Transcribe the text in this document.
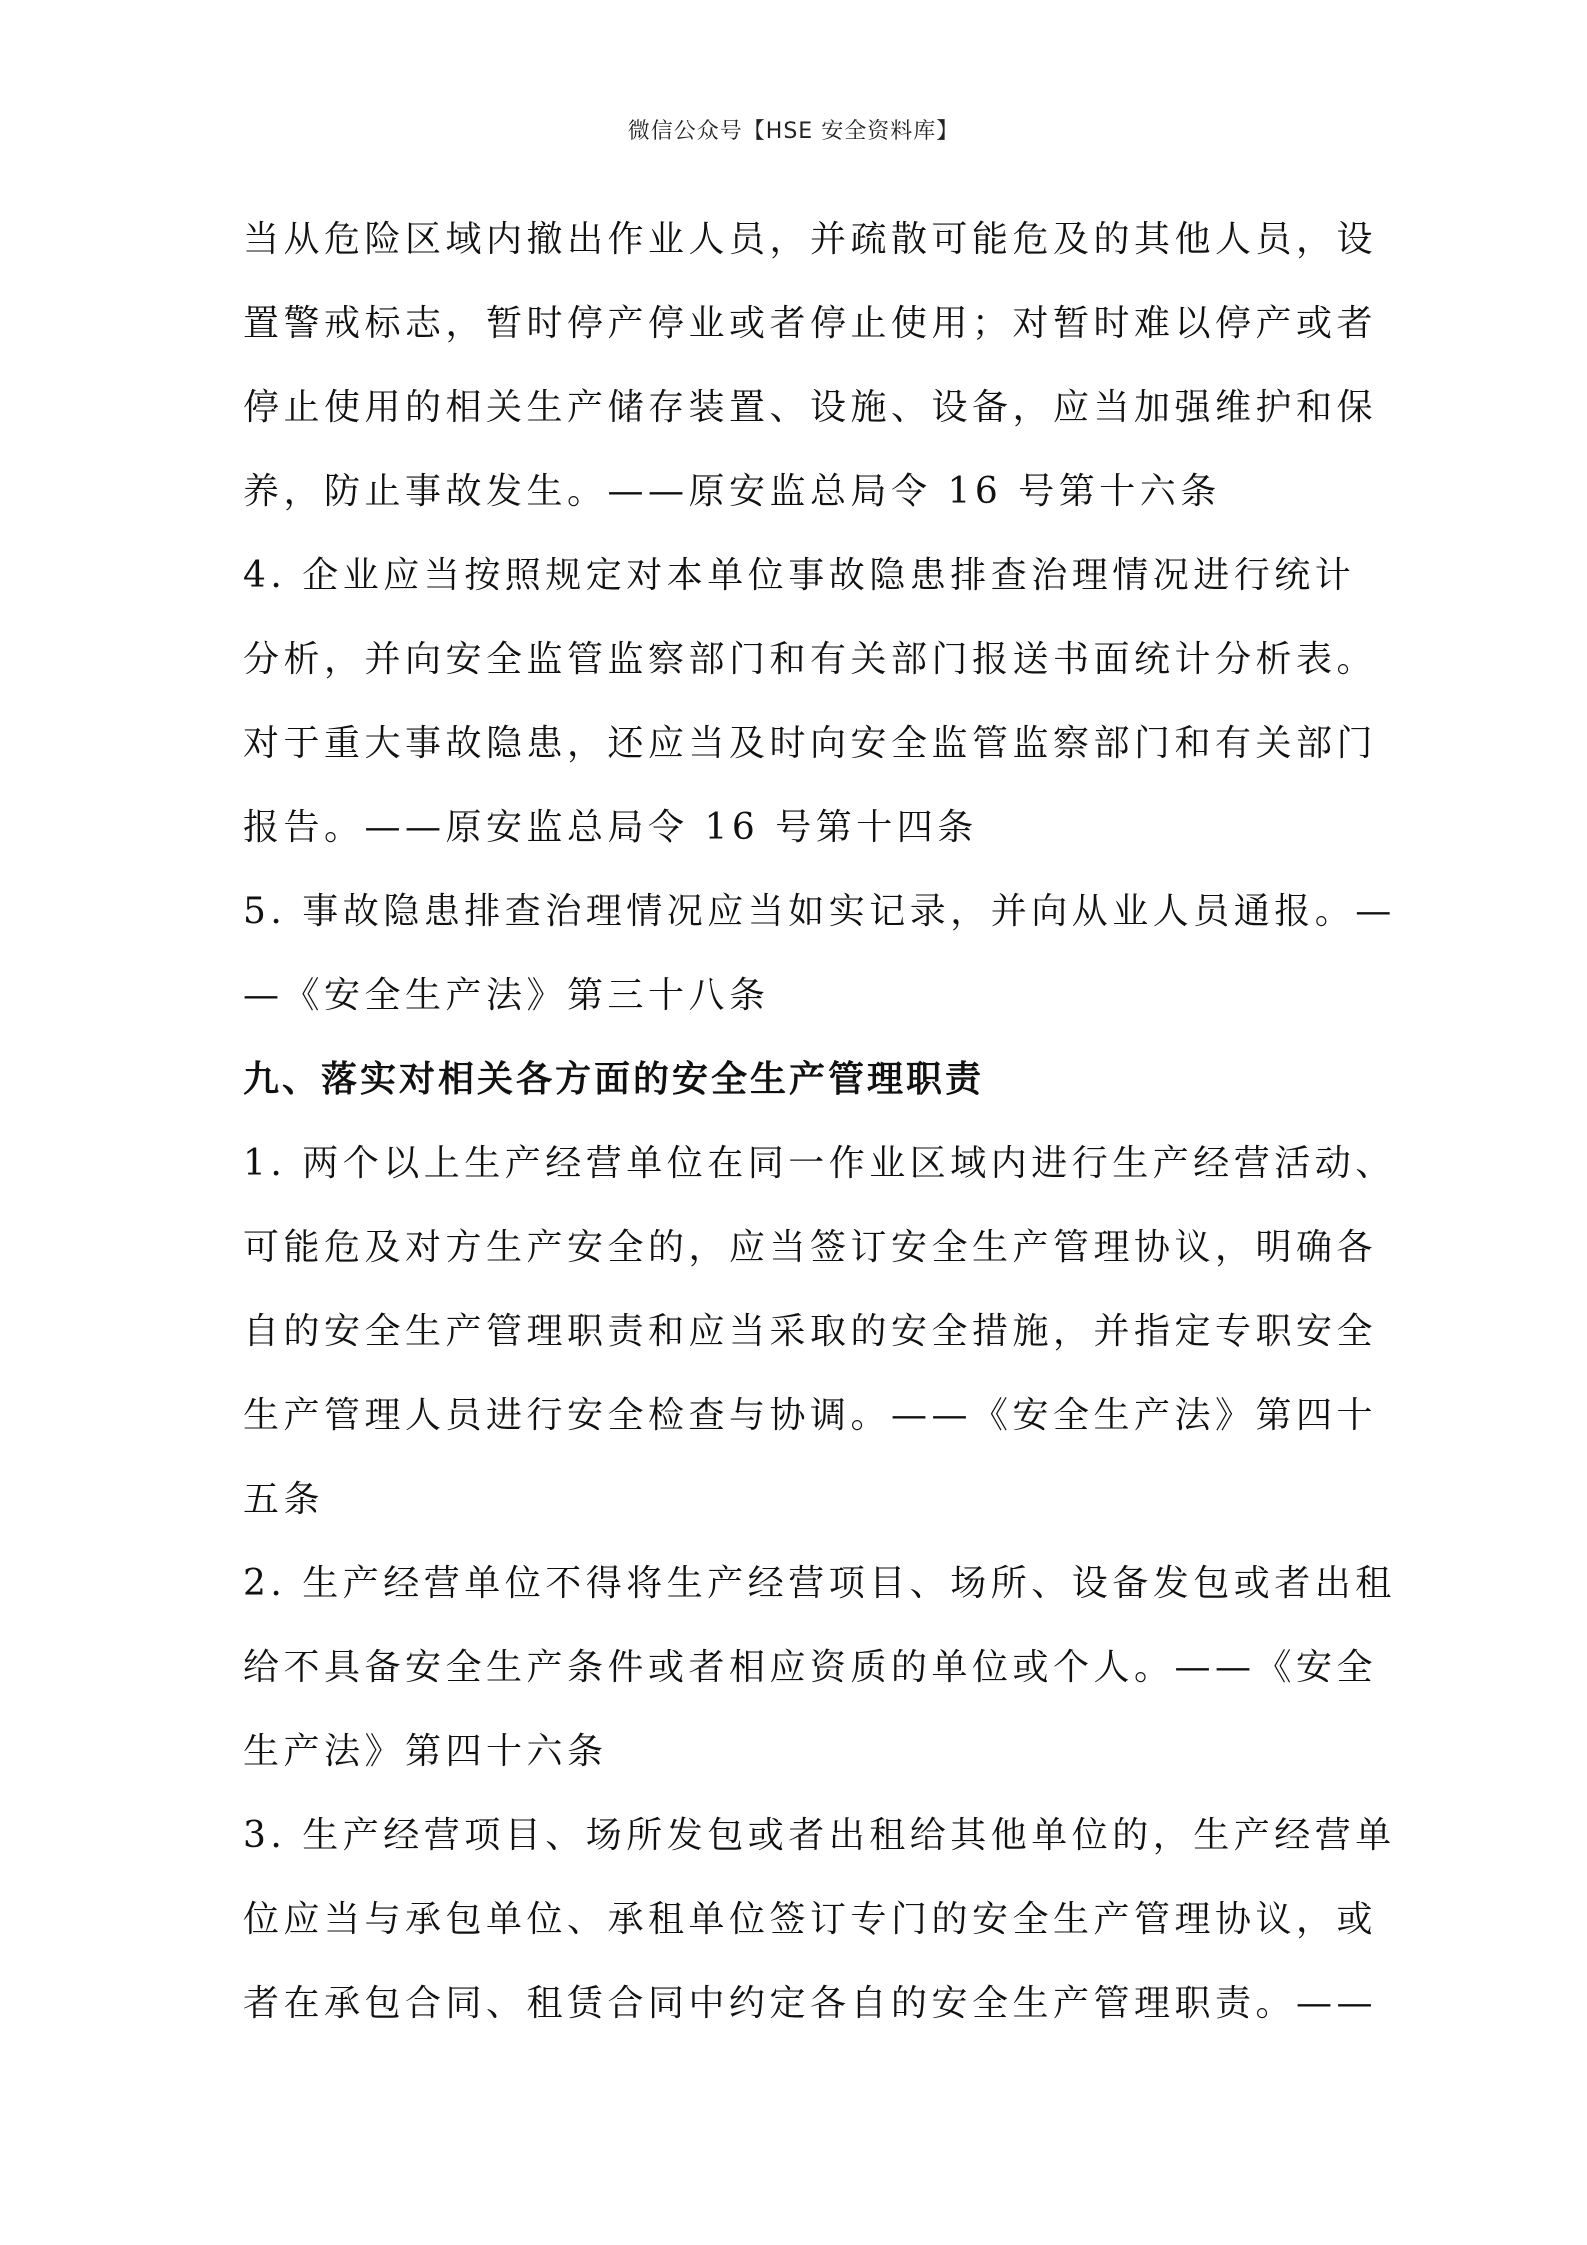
微信公众号【HSE 安全资料库】
当从危险区域内撤出作业人员，并疏散可能危及的其他人员，设
置警戒标志，暂时停产停业或者停止使用；对暂时难以停产或者
停止使用的相关生产储存装置、设施、设备，应当加强维护和保
养，防止事故发生。——原安监总局令 16 号第十六条
4. 企业应当按照规定对本单位事故隐患排查治理情况进行统计
分析，并向安全监管监察部门和有关部门报送书面统计分析表。
对于重大事故隐患，还应当及时向安全监管监察部门和有关部门
报告。——原安监总局令 16 号第十四条
5. 事故隐患排查治理情况应当如实记录，并向从业人员通报。—
—《安全生产法》第三十八条
九、落实对相关各方面的安全生产管理职责
1. 两个以上生产经营单位在同一作业区域内进行生产经营活动、
可能危及对方生产安全的，应当签订安全生产管理协议，明确各
自的安全生产管理职责和应当采取的安全措施，并指定专职安全
生产管理人员进行安全检查与协调。——《安全生产法》第四十
五条
2. 生产经营单位不得将生产经营项目、场所、设备发包或者出租
给不具备安全生产条件或者相应资质的单位或个人。——《安全
生产法》第四十六条
3. 生产经营项目、场所发包或者出租给其他单位的，生产经营单
位应当与承包单位、承租单位签订专门的安全生产管理协议，或
者在承包合同、租赁合同中约定各自的安全生产管理职责。——
